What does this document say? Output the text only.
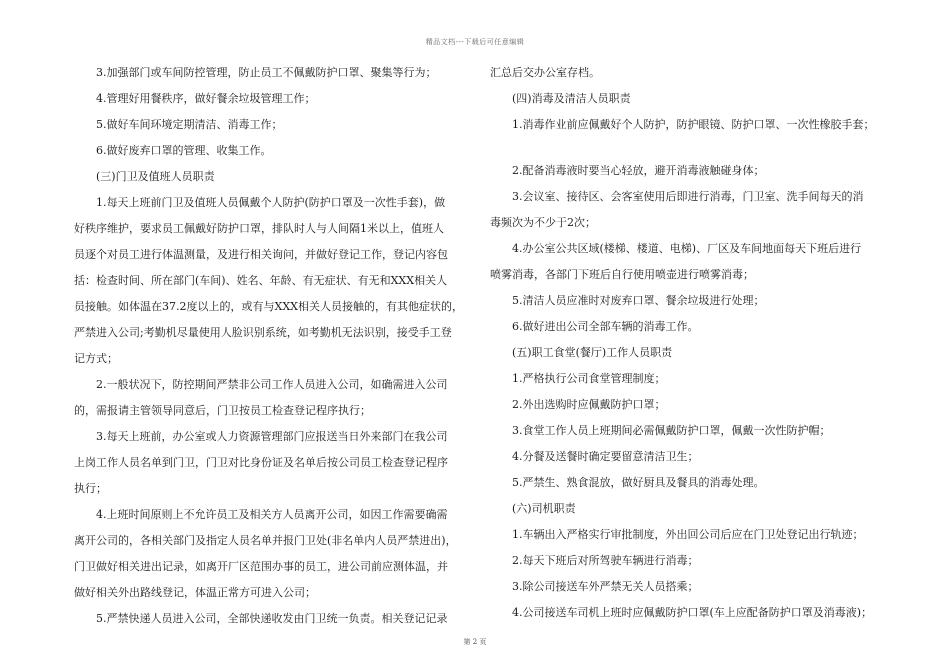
精品文档---下载后可任意编辑

　　3.加强部门或车间防控管理，防止员工不佩戴防护口罩、聚集等行为；

　　4.管理好用餐秩序，做好餐余垃圾管理工作；

　　5.做好车间环境定期清洁、消毒工作；

　　6.做好废弃口罩的管理、收集工作。

　　(三)门卫及值班人员职责

　　1.每天上班前门卫及值班人员佩戴个人防护(防护口罩及一次性手套)，做

好秩序维护，要求员工佩戴好防护口罩，排队时人与人间隔1米以上，值班人

员逐个对员工进行体温测量，及进行相关询问，并做好登记工作，登记内容包

括：检查时间、所在部门(车间)、姓名、年龄、有无症状、有无和XXX相关人

员接触。如体温在37.2度以上的，或有与XXX相关人员接触的，有其他症状的，

严禁进入公司;考勤机尽量使用人脸识别系统，如考勤机无法识别，接受手工登

记方式；

　　2.一般状况下，防控期间严禁非公司工作人员进入公司，如确需进入公司

的，需报请主管领导同意后，门卫按员工检查登记程序执行；

　　3.每天上班前，办公室或人力资源管理部门应报送当日外来部门在我公司

上岗工作人员名单到门卫，门卫对比身份证及名单后按公司员工检查登记程序

执行；

　　4.上班时间原则上不允许员工及相关方人员离开公司，如因工作需要确需

离开公司的，各相关部门及指定人员名单并报门卫处(非名单内人员严禁进出)，

门卫做好相关进出记录，如离开厂区范围办事的员工，进公司前应测体温，并

做好相关外出路线登记，体温正常方可进入公司；

　　5.严禁快递人员进入公司，全部快递收发由门卫统一负责。相关登记记录

汇总后交办公室存档。

　　(四)消毒及清洁人员职责

　　1.消毒作业前应佩戴好个人防护，防护眼镜、防护口罩、一次性橡胶手套；

　　2.配备消毒液时要当心轻放，避开消毒液触碰身体；

　　3.会议室、接待区、会客室使用后即进行消毒，门卫室、洗手间每天的消

毒频次为不少于2次；

　　4.办公室公共区域(楼梯、楼道、电梯)、厂区及车间地面每天下班后进行

喷雾消毒，各部门下班后自行使用喷壶进行喷雾消毒；

　　5.清洁人员应准时对废弃口罩、餐余垃圾进行处理；

　　6.做好进出公司全部车辆的消毒工作。

　　(五)职工食堂(餐厅)工作人员职责

　　1.严格执行公司食堂管理制度；

　　2.外出选购时应佩戴防护口罩；

　　3.食堂工作人员上班期间必需佩戴防护口罩，佩戴一次性防护帽；

　　4.分餐及送餐时确定要留意清洁卫生；

　　5.严禁生、熟食混放，做好厨具及餐具的消毒处理。

　　(六)司机职责

　　1.车辆出入严格实行审批制度，外出回公司后应在门卫处登记出行轨迹；

　　2.每天下班后对所驾驶车辆进行消毒；

　　3.除公司接送车外严禁无关人员搭乘；

　　4.公司接送车司机上班时应佩戴防护口罩(车上应配备防护口罩及消毒液)；

第 2 页
